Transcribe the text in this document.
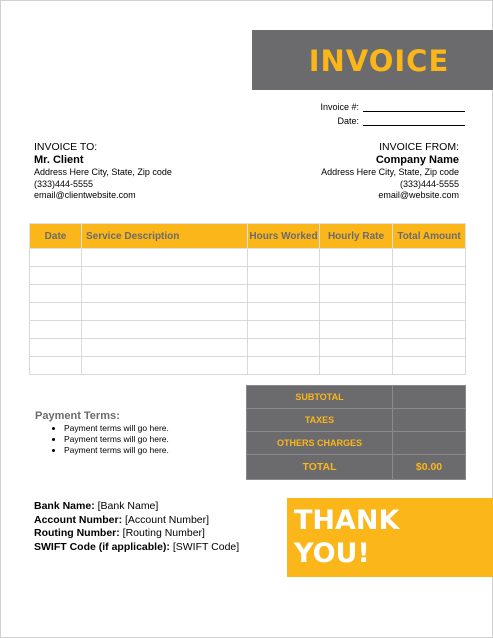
INVOICE
Invoice #:
Date:
INVOICE TO:
Mr. Client
Address Here City, State, Zip code
(333)444-5555
email@clientwebsite.com
INVOICE FROM:
Company Name
Address Here City, State, Zip code
(333)444-5555
email@website.com
Date	Service Description	Hours Worked	Hourly Rate	Total Amount

SUBTOTAL	
TAXES	
OTHERS CHARGES	
TOTAL	$0.00
Payment Terms:
• Payment terms will go here.
• Payment terms will go here.
• Payment terms will go here.
Bank Name: [Bank Name]
Account Number: [Account Number]
Routing Number: [Routing Number]
SWIFT Code (if applicable): [SWIFT Code]
THANK
YOU!
